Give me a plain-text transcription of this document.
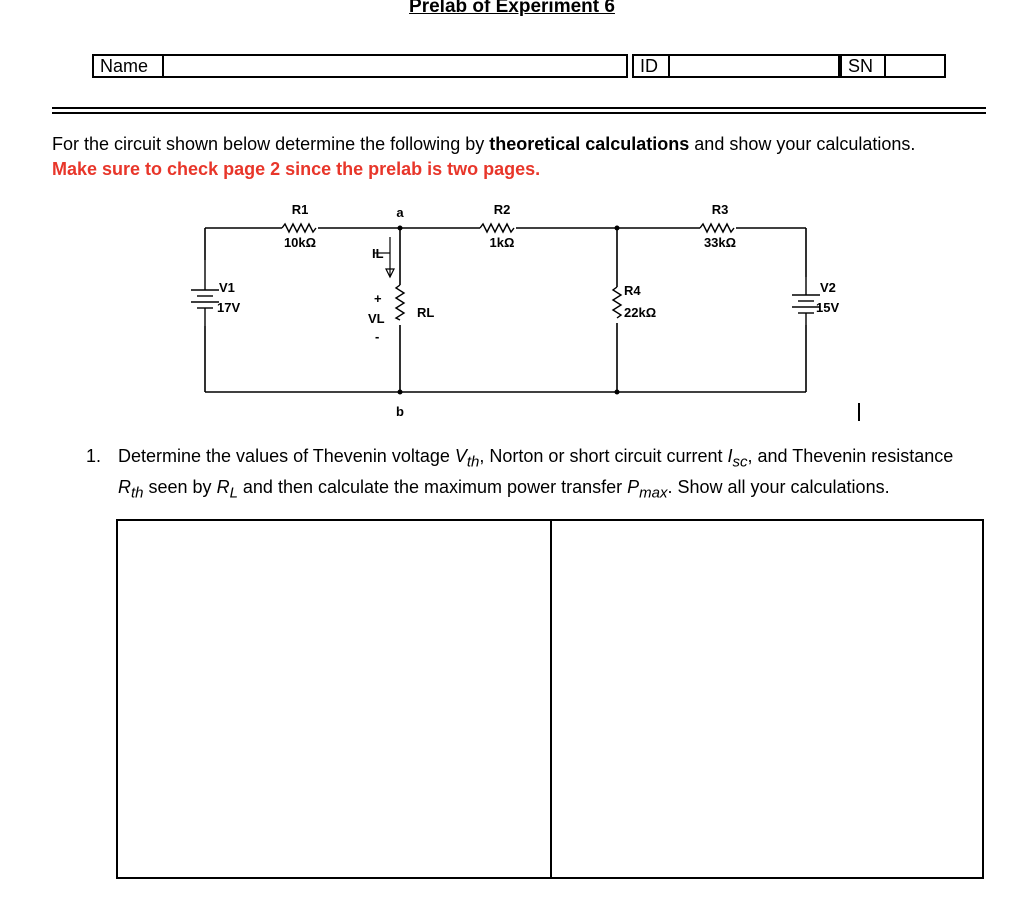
Prelab of Experiment 6
Name	ID	SN
For the circuit shown below determine the following by theoretical calculations and show your calculations.
Make sure to check page 2 since the prelab is two pages.
R1
10kΩ
R2
1kΩ
R3
33kΩ
R4
22kΩ
RL
V1
17V
V2
15V
a
b
IL
+
VL
-
1. Determine the values of Thevenin voltage $V_{th}$, Norton or short circuit current $I_{sc}$, and Thevenin resistance $R_{th}$ seen by $R_L$ and then calculate the maximum power transfer $P_{max}$. Show all your calculations.
